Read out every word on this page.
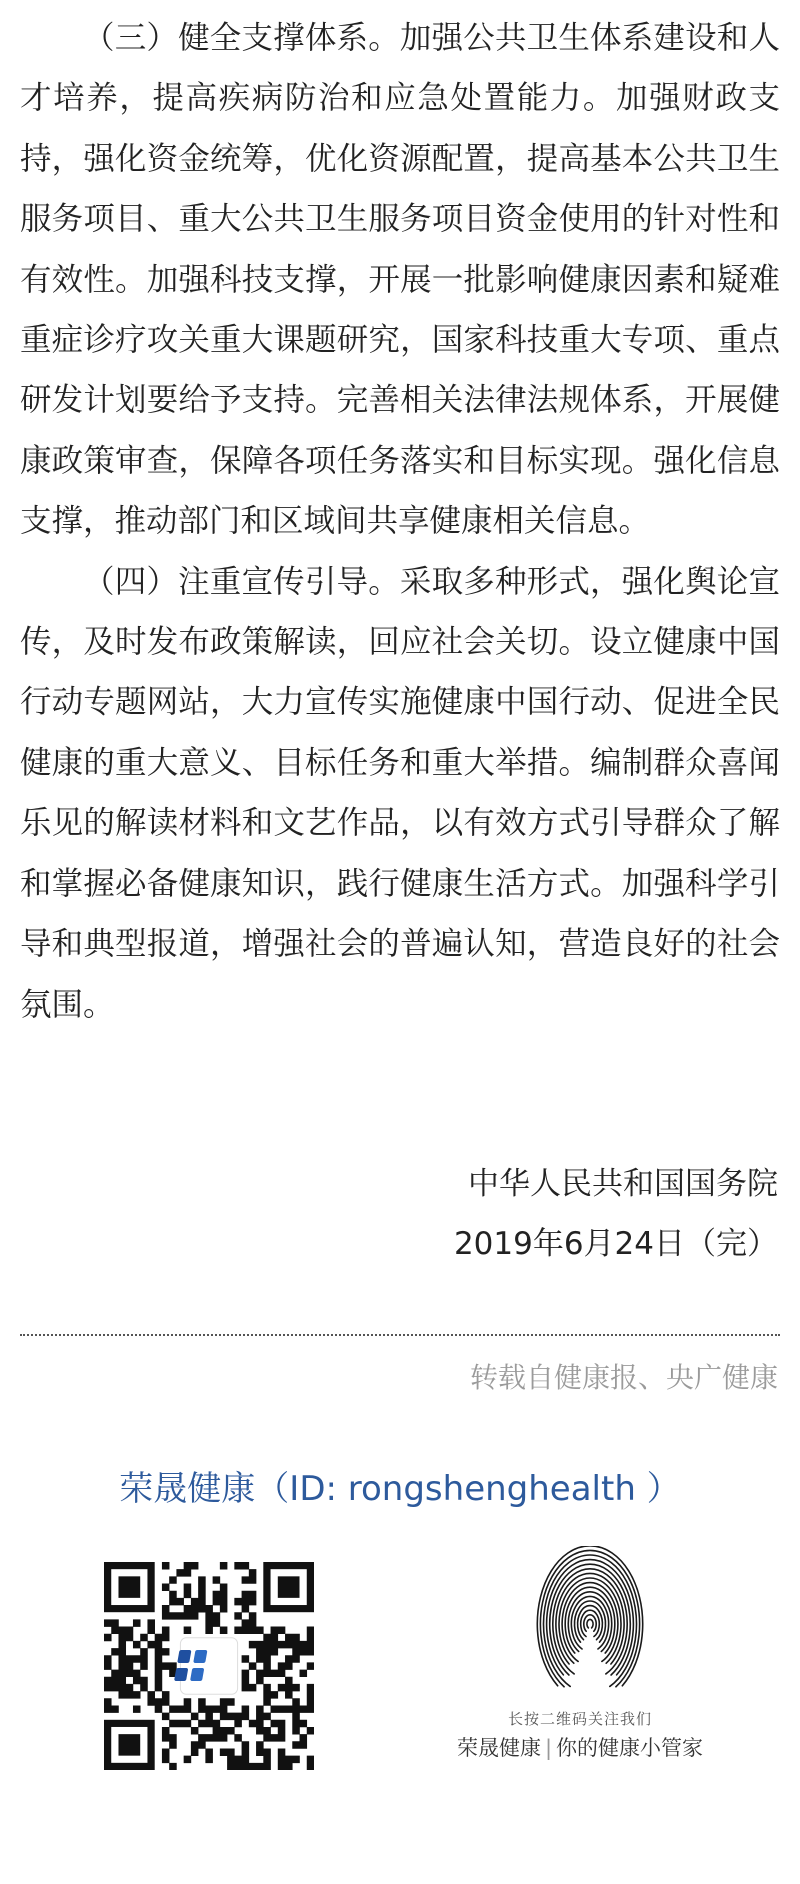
（三）健全支撑体系。加强公共卫生体系建设和人才培养，提高疾病防治和应急处置能力。加强财政支持，强化资金统筹，优化资源配置，提高基本公共卫生服务项目、重大公共卫生服务项目资金使用的针对性和有效性。加强科技支撑，开展一批影响健康因素和疑难重症诊疗攻关重大课题研究，国家科技重大专项、重点研发计划要给予支持。完善相关法律法规体系，开展健康政策审查，保障各项任务落实和目标实现。强化信息支撑，推动部门和区域间共享健康相关信息。

（四）注重宣传引导。采取多种形式，强化舆论宣传，及时发布政策解读，回应社会关切。设立健康中国行动专题网站，大力宣传实施健康中国行动、促进全民健康的重大意义、目标任务和重大举措。编制群众喜闻乐见的解读材料和文艺作品，以有效方式引导群众了解和掌握必备健康知识，践行健康生活方式。加强科学引导和典型报道，增强社会的普遍认知，营造良好的社会氛围。

中华人民共和国国务院
2019年6月24日（完）
转载自健康报、央广健康
荣晟健康（ID: rongshenghealth ）
长按二维码关注我们
荣晟健康 | 你的健康小管家
